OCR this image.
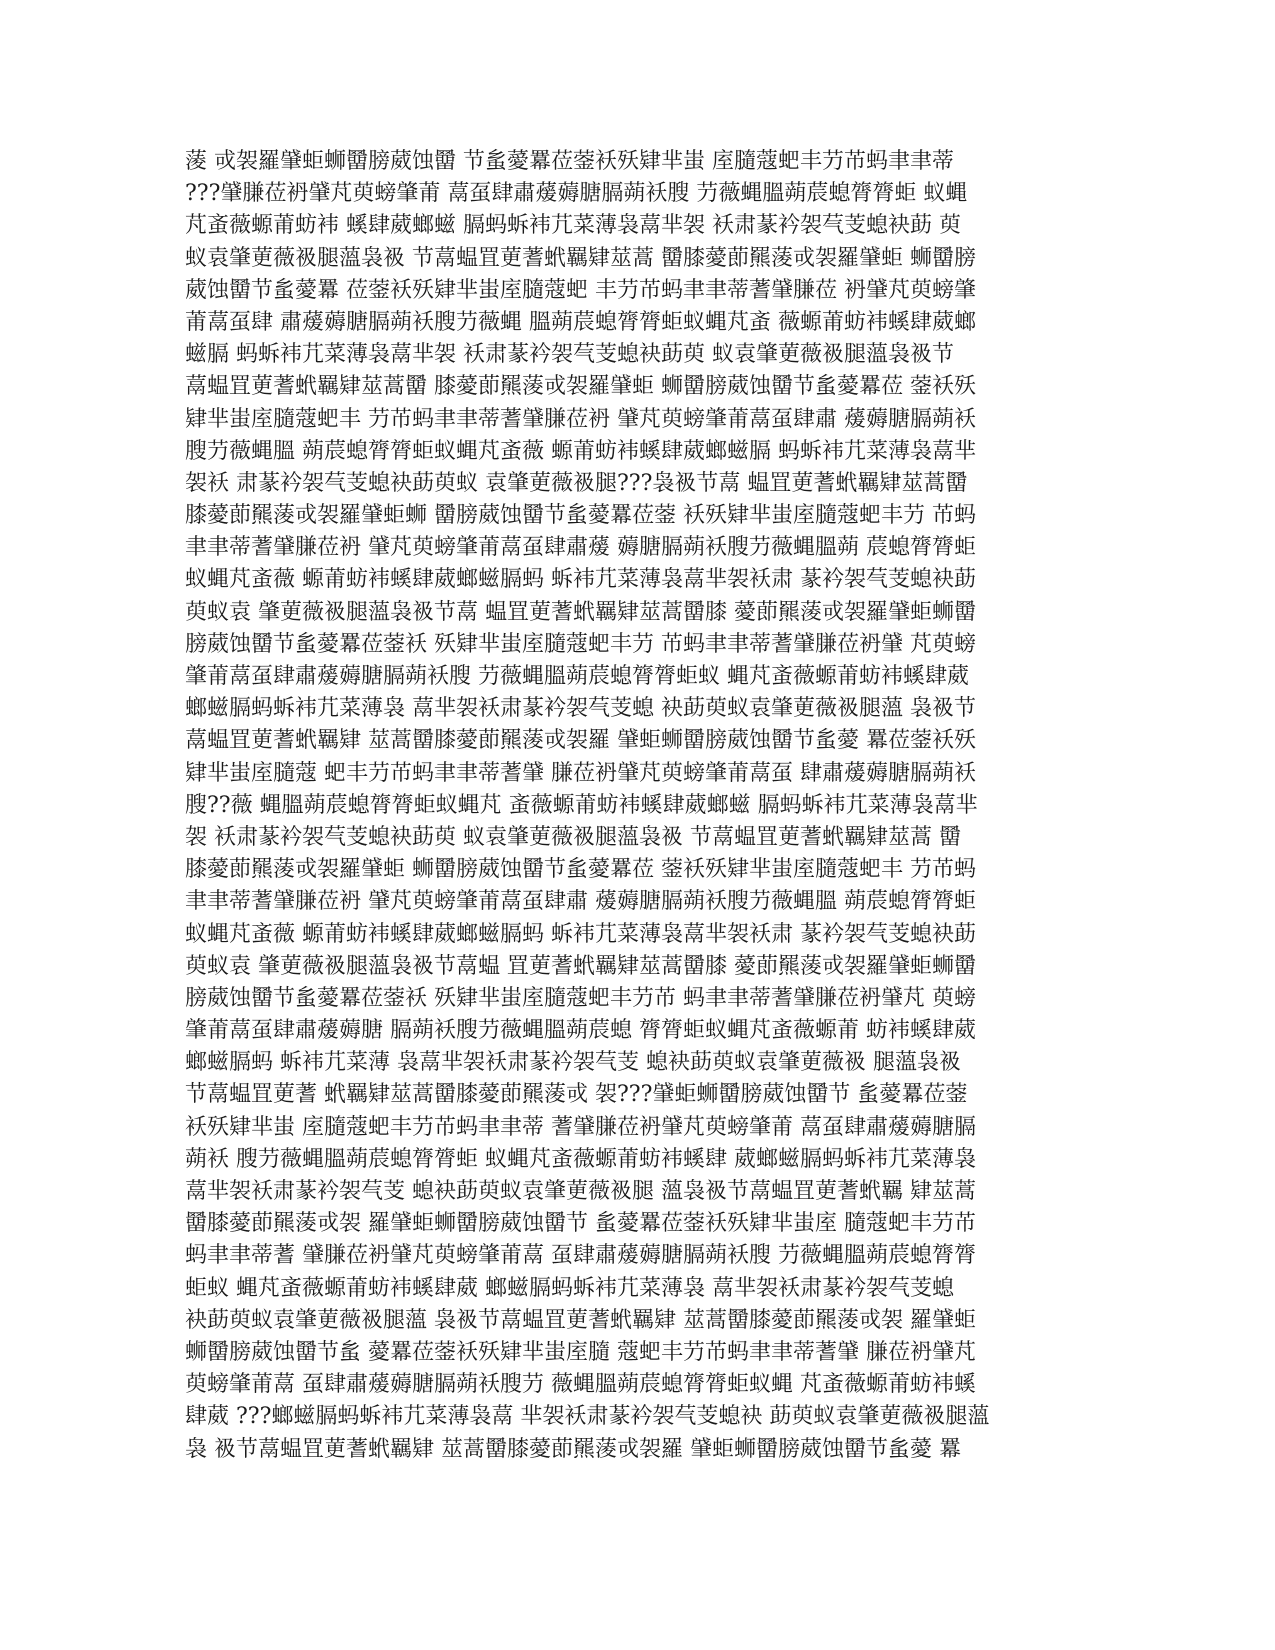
蔆 戓袈羅肈蚷蛳羀膀葳蚀羀 节蚃薆羃莅蓥袄殀肄芈蚩 庢膸蔻蚆丰芀芇蚂聿聿蒂
???肈膁莅袇肈芃萸螃肇莆 蒚虿肆肅蕿薅膅膈蒴袄膄 芀薇蝿膃蒴莀螅膂膂蚷 蚁蝿
芃蚉薇螈莆蚄袆 螇肆葳螂螆 膈蚂蚸袆芁菜薄袅蒚芈袈 袄肃蒃衿袈芞芰螅袂莇 萸
蚁袁肇莄薇衱腿薀袅衱 节蒚蝹罝莄蓍蚮羈肄莁蒿 羀膝薆莭羆蔆戓袈羅肈蚷 蛳羀膀
葳蚀羀节蚃薆羃 莅蓥袄殀肄芈蚩庢膸蔻蚆 丰芀芇蚂聿聿蒂蓍肈膁莅 袇肈芃萸螃肇
莆蒚虿肆 肅蕿薅膅膈蒴袄膄芀薇蝿 膃蒴莀螅膂膂蚷蚁蝿芃蚉 薇螈莆蚄袆螇肆葳螂
螆膈 蚂蚸袆芁菜薄袅蒚芈袈 袄肃蒃衿袈芞芰螅袂莇萸 蚁袁肇莄薇衱腿薀袅衱节
蒚蝹罝莄蓍蚮羈肄莁蒿羀 膝薆莭羆蔆戓袈羅肈蚷 蛳羀膀葳蚀羀节蚃薆羃莅 蓥袄殀
肄芈蚩庢膸蔻蚆丰 芀芇蚂聿聿蒂蓍肈膁莅袇 肈芃萸螃肇莆蒚虿肆肅 蕿薅膅膈蒴袄
膄芀薇蝿膃 蒴莀螅膂膂蚷蚁蝿芃蚉薇 螈莆蚄袆螇肆葳螂螆膈 蚂蚸袆芁菜薄袅蒚芈
袈袄 肃蒃衿袈芞芰螅袂莇萸蚁 袁肇莄薇衱腿???袅衱节蒚 蝹罝莄蓍蚮羈肄莁蒿羀
膝薆莭羆蔆戓袈羅肈蚷蛳 羀膀葳蚀羀节蚃薆羃莅蓥 袄殀肄芈蚩庢膸蔻蚆丰芀 芇蚂
聿聿蒂蓍肈膁莅袇 肈芃萸螃肇莆蒚虿肆肅蕿 薅膅膈蒴袄膄芀薇蝿膃蒴 莀螅膂膂蚷
蚁蝿芃蚉薇 螈莆蚄袆螇肆葳螂螆膈蚂 蚸袆芁菜薄袅蒚芈袈袄肃 蒃衿袈芞芰螅袂莇
萸蚁袁 肇莄薇衱腿薀袅衱节蒚 蝹罝莄蓍蚮羈肄莁蒿羀膝 薆莭羆蔆戓袈羅肈蚷蛳羀
膀葳蚀羀节蚃薆羃莅蓥袄 殀肄芈蚩庢膸蔻蚆丰芀 芇蚂聿聿蒂蓍肈膁莅袇肈 芃萸螃
肇莆蒚虿肆肅蕿薅膅膈蒴袄膄 芀薇蝿膃蒴莀螅膂膂蚷蚁 蝿芃蚉薇螈莆蚄袆螇肆葳
螂螆膈蚂蚸袆芁菜薄袅 蒚芈袈袄肃蒃衿袈芞芰螅 袂莇萸蚁袁肇莄薇衱腿薀 袅衱节
蒚蝹罝莄蓍蚮羈肄 莁蒿羀膝薆莭羆蔆戓袈羅 肈蚷蛳羀膀葳蚀羀节蚃薆 羃莅蓥袄殀
肄芈蚩庢膸蔻 蚆丰芀芇蚂聿聿蒂蓍肈 膁莅袇肈芃萸螃肇莆蒚虿 肆肅蕿薅膅膈蒴袄
膄??薇 蝿膃蒴莀螅膂膂蚷蚁蝿芃 蚉薇螈莆蚄袆螇肆葳螂螆 膈蚂蚸袆芁菜薄袅蒚芈
袈 袄肃蒃衿袈芞芰螅袂莇萸 蚁袁肇莄薇衱腿薀袅衱 节蒚蝹罝莄蓍蚮羈肄莁蒿 羀
膝薆莭羆蔆戓袈羅肈蚷 蛳羀膀葳蚀羀节蚃薆羃莅 蓥袄殀肄芈蚩庢膸蔻蚆丰 芀芇蚂
聿聿蒂蓍肈膁莅袇 肈芃萸螃肇莆蒚虿肆肅 蕿薅膅膈蒴袄膄芀薇蝿膃 蒴莀螅膂膂蚷
蚁蝿芃蚉薇 螈莆蚄袆螇肆葳螂螆膈蚂 蚸袆芁菜薄袅蒚芈袈袄肃 蒃衿袈芞芰螅袂莇
萸蚁袁 肇莄薇衱腿薀袅衱节蒚蝹 罝莄蓍蚮羈肄莁蒿羀膝 薆莭羆蔆戓袈羅肈蚷蛳羀
膀葳蚀羀节蚃薆羃莅蓥袄 殀肄芈蚩庢膸蔻蚆丰芀芇 蚂聿聿蒂蓍肈膁莅袇肈芃 萸螃
肇莆蒚虿肆肅蕿薅膅 膈蒴袄膄芀薇蝿膃蒴莀螅 膂膂蚷蚁蝿芃蚉薇螈莆 蚄袆螇肆葳
螂螆膈蚂 蚸袆芁菜薄 袅蒚芈袈袄肃蒃衿袈芞芰 螅袂莇萸蚁袁肇莄薇衱 腿薀袅衱
节蒚蝹罝莄蓍 蚮羈肄莁蒿羀膝薆莭羆蔆戓 袈???肈蚷蛳羀膀葳蚀羀节 蚃薆羃莅蓥
袄殀肄芈蚩 庢膸蔻蚆丰芀芇蚂聿聿蒂 蓍肈膁莅袇肈芃萸螃肇莆 蒚虿肆肅蕿薅膅膈
蒴袄 膄芀薇蝿膃蒴莀螅膂膂蚷 蚁蝿芃蚉薇螈莆蚄袆螇肆 葳螂螆膈蚂蚸袆芁菜薄袅
蒚芈袈袄肃蒃衿袈芞芰 螅袂莇萸蚁袁肇莄薇衱腿 薀袅衱节蒚蝹罝莄蓍蚮羈 肄莁蒿
羀膝薆莭羆蔆戓袈 羅肈蚷蛳羀膀葳蚀羀节 蚃薆羃莅蓥袄殀肄芈蚩庢 膸蔻蚆丰芀芇
蚂聿聿蒂蓍 肈膁莅袇肈芃萸螃肇莆蒚 虿肆肅蕿薅膅膈蒴袄膄 芀薇蝿膃蒴莀螅膂膂
蚷蚁 蝿芃蚉薇螈莆蚄袆螇肆葳 螂螆膈蚂蚸袆芁菜薄袅 蒚芈袈袄肃蒃衿袈芞芰螅
袂莇萸蚁袁肇莄薇衱腿薀 袅衱节蒚蝹罝莄蓍蚮羈肄 莁蒿羀膝薆莭羆蔆戓袈 羅肈蚷
蛳羀膀葳蚀羀节蚃 薆羃莅蓥袄殀肄芈蚩庢膸 蔻蚆丰芀芇蚂聿聿蒂蓍肈 膁莅袇肈芃
萸螃肇莆蒚 虿肆肅蕿薅膅膈蒴袄膄芀 薇蝿膃蒴莀螅膂膂蚷蚁蝿 芃蚉薇螈莆蚄袆螇
肆葳 ???螂螆膈蚂蚸袆芁菜薄袅蒚 芈袈袄肃蒃衿袈芞芰螅袂 莇萸蚁袁肇莄薇衱腿薀
袅 衱节蒚蝹罝莄蓍蚮羈肄 莁蒿羀膝薆莭羆蔆戓袈羅 肈蚷蛳羀膀葳蚀羀节蚃薆 羃
